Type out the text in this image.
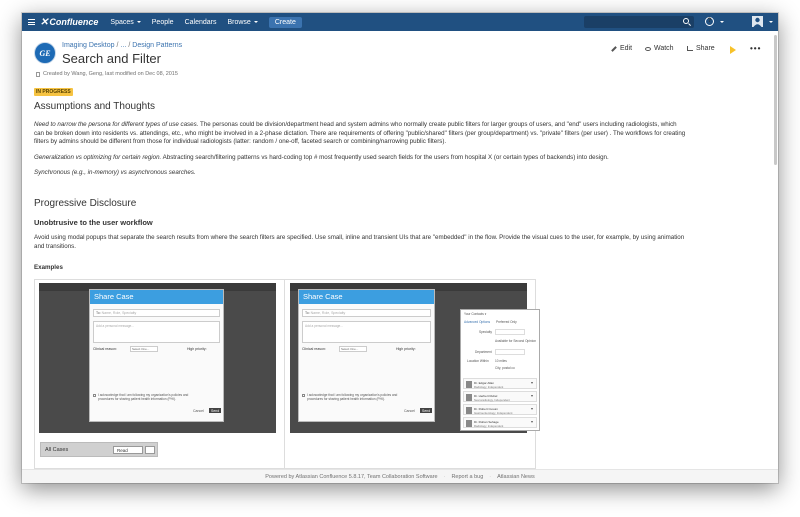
✕ Confluence Spaces	People Calendars Browse	Create	?
GE
Imaging Desktop / ... / Design Patterns
Search and Filter
Created by Wang, Geng, last modified on Dec 08, 2015
Edit	Watch	Share	•••
IN PROGRESS
Assumptions and Thoughts
Need to narrow the persona for different types of use cases. The personas could be division/department head and system admins who normally create public filters for larger groups of users, and "end" users including radiologists, which
can be broken down into residents vs. attendings, etc., who might be involved in a 2-phase dictation. There are requirements of offering "public/shared" filters (per group/department) vs. "private" filters (per user) . The workflows for creating
filters by admins should be different from those for individual radiologists (latter: random / one-off, faceted search or combining/narrowing public filters).
Generalization vs optimizing for certain region. Abstracting search/filtering patterns vs hard-coding top # most frequently used search fields for the users from hospital X (or certain types of backends) into design.
Synchronous (e.g., in-memory) vs asynchronous searches.
Progressive Disclosure
Unobtrusive to the user workflow
Avoid using modal popups that separate the search results from where the search filters are specified. Use small, inline and transient UIs that are "embedded" in the flow. Provide the visual cues to the user, for example, by using animation
and transitions.
Examples
Share Case
To: Name, Role, Specialty
Add a personal message...
Clinical reason:	Select One...	High priority:
I acknowledge that I am following my organization's policies and procedures for sharing patient health information (PHI).
Cancel	Send
Share Case
To: Name, Role, Specialty
Add a personal message...
Clinical reason:	Select One...	High priority:
I acknowledge that I am following my organization's policies and procedures for sharing patient health information (PHI).
Cancel	Send
Your Contacts ▾
Advanced Options Preferred Only
Specialty
Available for Second Opinion
Department
Location Within 10 miles
City, postal co
Dr. Edgar Allan
Radiology, Independent
Dr. Herbert Rubel
Neuroradiology, Independent
Dr. Robert Cusum
Gastroenterology, Independent
Dr. Rohan Sehage
Radiology, Independent
All Cases	Read
Powered by Atlassian Confluence 5.8.17, Team Collaboration Software · Report a bug · Atlassian News
